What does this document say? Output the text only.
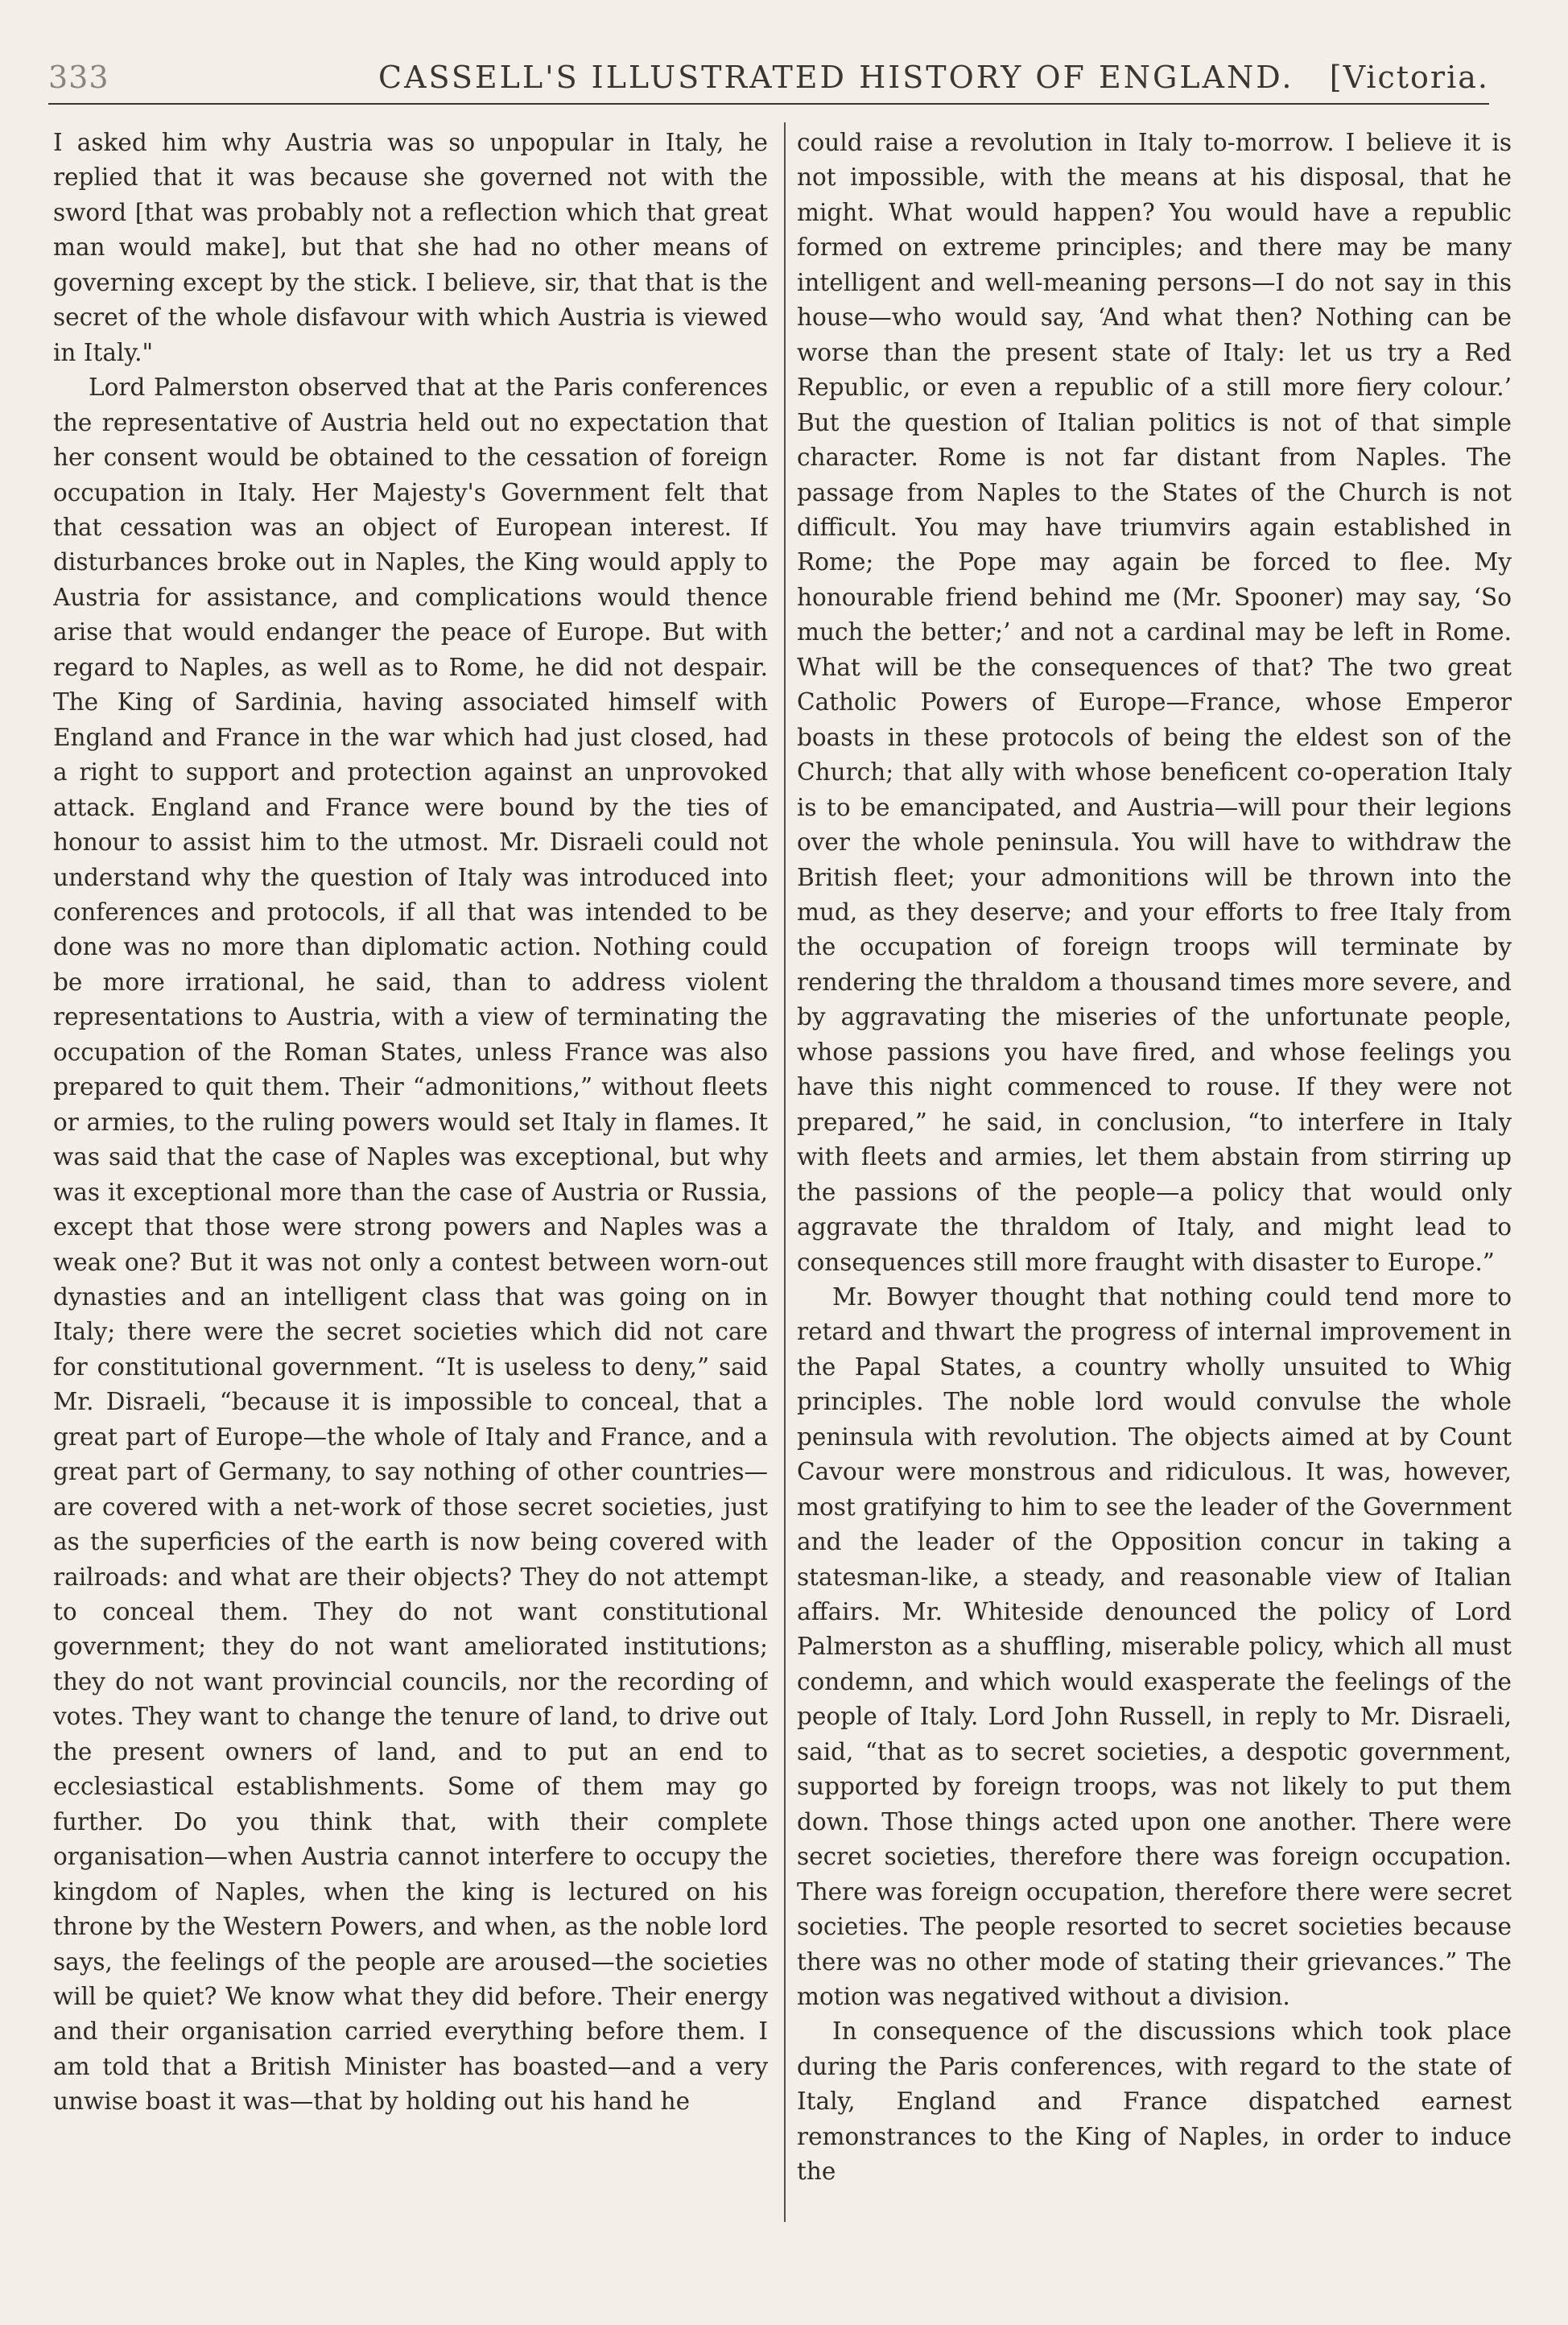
333	CASSELL'S ILLUSTRATED HISTORY OF ENGLAND. [Victoria.

I asked him why Austria was so unpopular in Italy, he replied that it was because she governed not with the sword [that was probably not a reflection which that great man would make], but that she had no other means of governing except by the stick. I believe, sir, that that is the secret of the whole disfavour with which Austria is viewed in Italy."

Lord Palmerston observed that at the Paris conferences the representative of Austria held out no expectation that her consent would be obtained to the cessation of foreign occupation in Italy. Her Majesty's Government felt that that cessation was an object of European interest. If disturbances broke out in Naples, the King would apply to Austria for assistance, and complications would thence arise that would endanger the peace of Europe. But with regard to Naples, as well as to Rome, he did not despair. The King of Sardinia, having associated himself with England and France in the war which had just closed, had a right to support and protection against an unprovoked attack. England and France were bound by the ties of honour to assist him to the utmost. Mr. Disraeli could not understand why the question of Italy was introduced into conferences and protocols, if all that was intended to be done was no more than diplomatic action. Nothing could be more irrational, he said, than to address violent representations to Austria, with a view of terminating the occupation of the Roman States, unless France was also prepared to quit them. Their “admonitions,” without fleets or armies, to the ruling powers would set Italy in flames. It was said that the case of Naples was exceptional, but why was it exceptional more than the case of Austria or Russia, except that those were strong powers and Naples was a weak one? But it was not only a contest between worn-out dynasties and an intelligent class that was going on in Italy; there were the secret societies which did not care for constitutional government. “It is useless to deny,” said Mr. Disraeli, “because it is impossible to conceal, that a great part of Europe—the whole of Italy and France, and a great part of Germany, to say nothing of other countries—are covered with a net-work of those secret societies, just as the superficies of the earth is now being covered with railroads: and what are their objects? They do not attempt to conceal them. They do not want constitutional government; they do not want ameliorated institutions; they do not want provincial councils, nor the recording of votes. They want to change the tenure of land, to drive out the present owners of land, and to put an end to ecclesiastical establishments. Some of them may go further. Do you think that, with their complete organisation—when Austria cannot interfere to occupy the kingdom of Naples, when the king is lectured on his throne by the Western Powers, and when, as the noble lord says, the feelings of the people are aroused—the societies will be quiet? We know what they did before. Their energy and their organisation carried everything before them. I am told that a British Minister has boasted—and a very unwise boast it was—that by holding out his hand he

could raise a revolution in Italy to-morrow. I believe it is not impossible, with the means at his disposal, that he might. What would happen? You would have a republic formed on extreme principles; and there may be many intelligent and well-meaning persons—I do not say in this house—who would say, ‘And what then? Nothing can be worse than the present state of Italy: let us try a Red Republic, or even a republic of a still more fiery colour.’ But the question of Italian politics is not of that simple character. Rome is not far distant from Naples. The passage from Naples to the States of the Church is not difficult. You may have triumvirs again established in Rome; the Pope may again be forced to flee. My honourable friend behind me (Mr. Spooner) may say, ‘So much the better;’ and not a cardinal may be left in Rome. What will be the consequences of that? The two great Catholic Powers of Europe—France, whose Emperor boasts in these protocols of being the eldest son of the Church; that ally with whose beneficent co-operation Italy is to be emancipated, and Austria—will pour their legions over the whole peninsula. You will have to withdraw the British fleet; your admonitions will be thrown into the mud, as they deserve; and your efforts to free Italy from the occupation of foreign troops will terminate by rendering the thraldom a thousand times more severe, and by aggravating the miseries of the unfortunate people, whose passions you have fired, and whose feelings you have this night commenced to rouse. If they were not prepared,” he said, in conclusion, “to interfere in Italy with fleets and armies, let them abstain from stirring up the passions of the people—a policy that would only aggravate the thraldom of Italy, and might lead to consequences still more fraught with disaster to Europe.”

Mr. Bowyer thought that nothing could tend more to retard and thwart the progress of internal improvement in the Papal States, a country wholly unsuited to Whig principles. The noble lord would convulse the whole peninsula with revolution. The objects aimed at by Count Cavour were monstrous and ridiculous. It was, however, most gratifying to him to see the leader of the Government and the leader of the Opposition concur in taking a statesman-like, a steady, and reasonable view of Italian affairs. Mr. Whiteside denounced the policy of Lord Palmerston as a shuffling, miserable policy, which all must condemn, and which would exasperate the feelings of the people of Italy. Lord John Russell, in reply to Mr. Disraeli, said, “that as to secret societies, a despotic government, supported by foreign troops, was not likely to put them down. Those things acted upon one another. There were secret societies, therefore there was foreign occupation. There was foreign occupation, therefore there were secret societies. The people resorted to secret societies because there was no other mode of stating their grievances.” The motion was negatived without a division.

In consequence of the discussions which took place during the Paris conferences, with regard to the state of Italy, England and France dispatched earnest remonstrances to the King of Naples, in order to induce the
